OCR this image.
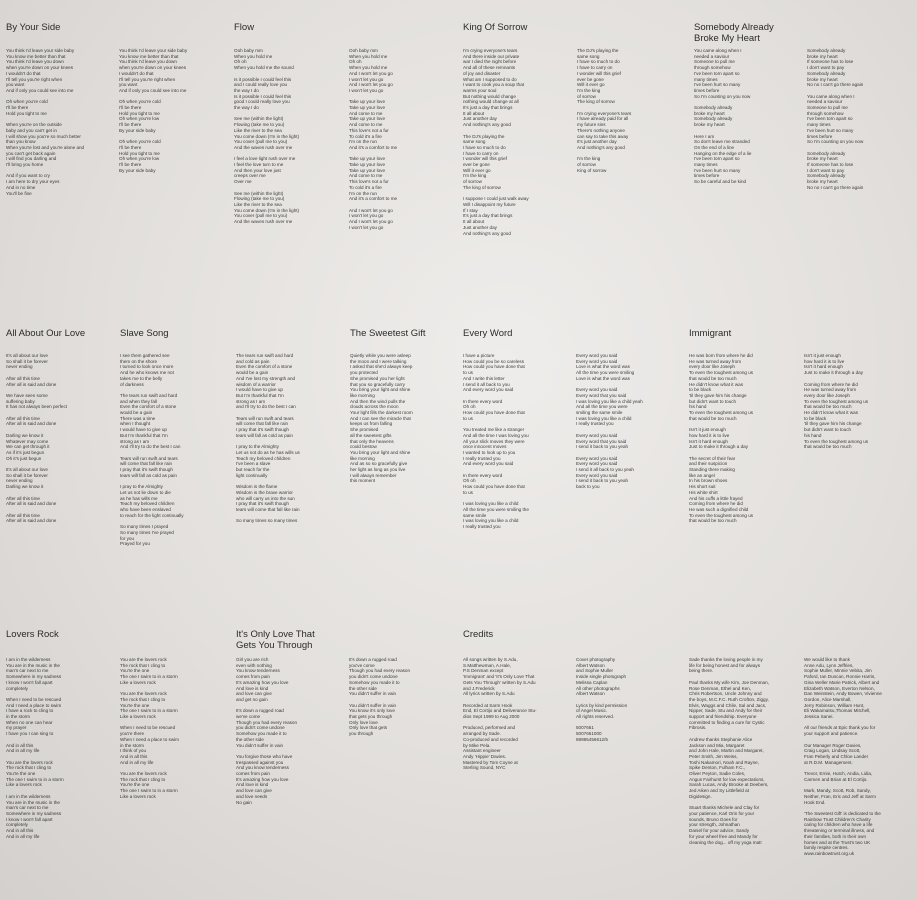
By Your Side	Flow	King Of Sorrow	Somebody Already
Broke My Heart
You think I'd leave your side baby
You know me better than that
You think I'd leave you down
when you're down on your knees
I wouldn't do that
I'll tell you you're right when
you want
And if only you could see into me

Oh when you're cold
I'll be there
Hold you tight to me

When you're on the outside
baby and you can't get in
I will show you you're so much better
than you know
When you're lost and you're alone and
you can't get back again
I will find you darling and
I'll bring you home

And if you want to cry
I am here to dry your eyes
And in no time
You'll be fine
You think I'd leave your side baby
You know me better than that
You think I'd leave you down
when you're down on your knees
I wouldn't do that
I'll tell you you're right when
you want
And if only you could see into me

Oh when you're cold
I'll be there
Hold you tight to me
Oh when you're low
I'll be there
By your side baby

Oh when you're cold
I'll be there
Hold you tight to me
Oh when you're low
I'll be there
By your side baby
Ooh baby mm
When you hold me
Oh oh
When you hold me the sound

Is it possible I could feel this
and I could really love you
the way I do
Is it possible I could feel this
good I could really love you
the way I do

See me (within the light)
Flowing (take me to you)
Like the river to the sea
You come down (I'm in the light)
You cover (pull me to you)
And the waves rush over me

I feel a love light rush over me
I feel the love turn to me
And then your love just
creeps over me
Over me

See me (within the light)
Flowing (take me to you)
Like the river to the sea
You come down (I'm in the light)
You cover (pull me to you)
And the waves rush over me
Ooh baby mm
When you hold me
Oh oh
When you hold me
And I won't let you go
I won't let you go
And I won't let you go
I won't let you go

Take up your love
Take up your love
And come to me
Take up your love
And come to me
This love's not a fur
To cold it's a fire
I'm on the run
And it's a comfort to me

Take up your love
Take up your love
Take up your love
And come to me
This love's not a fur
To cold it's a fire
I'm on the run
And it's a comfort to me

And I won't let you go
I won't let you go
And I won't let you go
I won't let you go
I'm crying everyone's tears
And there inside our private
war I died the night before
And all of these remnants
of joy and disaster
What am I supposed to do
I want to cook you a soup that
warms your soul
But nothing would change
nothing would change at all
It's just a day that brings
It all about
Just another day
And nothing's any good

The DJ's playing the
same song
I have so much to do
I have to carry on
I wonder will this grief
ever be gone
Will it ever go
I'm the king
of sorrow
The king of sorrow

I suppose I could just walk away
Will I disappoint my future
If I stay
It's just a day that brings
It all about
Just another day
And nothing's any good
The DJ's playing the
same song
I have so much to do
I have to carry on
I wonder will this grief
ever be gone
Will it ever go
I'm the king
of sorrow
The king of sorrow

I'm crying everyone's tears
I have already paid for all
my future sins
There's nothing anyone
can say to take this away
It's just another day
And nothing's any good

I'm the king
of sorrow
King of sorrow
You came along when I
needed a saviour
Someone to pull me
through somehow
I've been torn apart so
many times
I've been hurt so many
times before
So I'm counting on you now

Somebody already
broke my heart
Somebody already
broke my heart

Here I am
So don't leave me stranded
On the end of a line
Hanging on the edge of a lie
I've been torn apart so
many times
I've been hurt so many
times before
So be careful and be kind
Somebody already
broke my heart
If someone has to lose
I don't want to pay
Somebody already
broke my heart
No no I can't go there again

You came along when I
needed a saviour
Someone to pull me
through somehow
I've been torn apart so
many times
I've been hurt so many
times before
So I'm counting on you now

Somebody already
broke my heart
If someone has to lose
I don't want to pay
Somebody already
broke my heart
No no I can't go there again
All About Our Love	Slave Song	The Sweetest Gift	Every Word	Immigrant
It's all about our love
So shall it be forever
never ending

After all this time
After all is said and done

We have seen some
suffering baby
It has not always been perfect

After all this time
After all is said and done

Darling we know it
Whatever may come
We can get through it
As if it's just begun
Oh it's just begun

It's all about our love
So shall it be forever
never ending
Darling we know it

After all this time
After all is said and done

After all this time
After all is said and done
I see them gathered see
them on the shore
I turned to look once more
And he who knows me not
takes me to the belly
of darkness

The tears run swift and hard
and when they fall
Even the comfort of a stone
would be a gain
There was a time
when I thought
I would have to give up
But I'm thankful that I'm
strong as I am
And I'll try to do the best I can

Tears will run swift and tears
will come that fall like rain
I pray that it's swift though
tears will fall as cold as pain

I pray to the Almighty
Let us not lie down to die
as he has wills me
Teach my beloved children
who have been enslaved
to reach for the light continually

So many times I prayed
So many times I've prayed
for you
Prayed for you
The tears run swift and hard
and cold as pain
Even the comfort of a stone
would be a gain
And I've lost my strength and
wisdom of a warrior
I would have to give up
But I'm thankful that I'm
strong as I am
and I'll try to do the best I can

Tears will run swift and tears
will come that fall like rain
I pray that it's swift though
tears will fall as cold as pain

I pray to the Almighty
Let us not do as he has wills us
Teach my beloved children
I've been a slave
but reach for the
light continually

Wisdom is the flame
Wisdom is the brave warrior
who will carry us into the sun
I pray that it's swift though
tears will come that fall like rain

So many times so many times
Quietly while you were asleep
the moon and I were talking
I asked that she'd always keep
you protected
She promised you her light
that you so gracefully carry
You bring your light and shine
like morning
And then the wind pulls the
clouds across the moon
Your light fills the darkest room
And I can see the miracle that
keeps us from falling
She promised
all the sweetest gifts
that only the heavens
could bestow
You bring your light and shine
like morning
And as so so gracefully give
her light as long as you live
I will always remember
this moment
I have a picture
How could you be so careless
How could you have done that
to us
And I write this letter
I send it all back to you
And every word you said

In there every word
Oh oh
How could you have done that
to us

You treated me like a stranger
And all the time I was loving you
All your slick moves they were
once innocent moves
I wanted to look up to you
I really trusted you
And every word you said

In there every word
Oh oh
How could you have done that
to us

I was loving you like a child
All the time you were smiling the
same smile
I was loving you like a child
I really trusted you
Every word you said
Every word you said
Love is what the word was
All the time you were smiling
Love is what the word was

Every word you said
Every word that you said
I was loving you like a child yeah
And all the time you were
smiling the same smile
I was loving you like a child
I really trusted you

Every word you said
Every word that you said
I send it back to you yeah

Every word you said
Every word you said
I send it all back to you yeah
Every word you said
I send it back to you yeah
back to you
He was born from where he did
He was turned away from
every door like Joseph
To even the toughest among us
that would be too much
He didn't know what it was
to be black
'til they gave him his change
but didn't want to touch
his hand
To even the toughest among us
that would be too much

Isn't it just enough
how hard it is to live
Isn't it hard enough
Just to make it through a day

The secret of their fear
and their suspicion
Standing there making
like an angel
In his brown shoes
His short suit
His white shirt
And his cuffs a little frayed
Coming from where he did
He was such a dignified child
To even the toughest among us
that would be too much
Isn't it just enough
how hard it is to live
Isn't it hard enough
Just to make it through a day

Coming from where he did
He was turned away from
every door like Joseph
To even the toughest among us
that would be too much
He didn't know what it was
to be black
'til they gave him his change
but didn't want to touch
his hand
To even the toughest among us
that would be too much
Lovers Rock	It's Only Love That
Gets You Through
Credits
I am in the wilderness
You are in the music in the
man's car next to me
Somewhere in my sadness
I know I won't fall apart
completely

When I need to be rescued
And I need a place to swim
I have a rock to cling to
in the storm
When no one can hear
my prayer
I have you I can sing to

And in all this
And in all my life

You are the lovers rock
The rock that I cling to
You're the one
The one I swim to in a storm
Like a lovers rock

I am in the wilderness
You are in the music in the
man's car next to me
Somewhere in my sadness
I know I won't fall apart
completely
And in all this
And in all my life
You are the lovers rock
The rock that I cling to
You're the one
The one I swim to in a storm
Like a lovers rock

You are the lovers rock
The rock that I cling to
You're the one
The one I swim to in a storm
Like a lovers rock

When I need to be rescued
you're there
When I need a place to swim
in the storm
I think of you
And in all this
And in all my life

You are the lovers rock
The rock that I cling to
You're the one
The one I swim to in a storm
Like a lovers rock
Girl you are rich
even with nothing
You know tenderness
comes from pain
It's amazing how you love
And love is kind
and love can give
and get no gain

It's down a rugged road
we've come
Though you had every reason
you didn't come undone
Somehow you made it to
the other side
You didn't suffer in vain

You forgive those who have
trespassed against you
And you know tenderness
comes from pain
It's amazing how you love
And love is kind
and love can give
and love needs
No gain
It's down a rugged road
you've come
Though you had every reason
you didn't come undone
Somehow you made it to
the other side
You didn't suffer in vain

You didn't suffer in vain
You know it's only love
that gets you through
Only love love
Only love that gets
you through
All songs written by S.Adu,
S.Matthewman, A.Hale,
P.S Denman except
'Immigrant' and 'It's Only Love That
Gets You Through' written by S.Adu
and J.Frederick
All lyrics written by S.Adu

Recorded at Sarm Hook
End, El Cortijo and Deliverance Stu-
dios Sept 1999 to Aug 2000

Produced, performed and
arranged by Sade.
Co-produced and recorded
by Mike Pela.
Assistant engineer
Andy 'Hippie' Davies.
Mastered by Tom Coyne at
Sterling Sound, NYC
Cover photography
Albert Watson
and Sophie Muller
Inside single photograph
Melissa Caplan
All other photographs
Albert Watson

Lyrics by kind permission
of Angel Music.
All rights reserved.

5007661
5007661000
88985456612/5
Sade thanks the loving people in my
life for being honest and for always
being there.

Paul thanks My wife Kim, Joe Denman,
Rose Denman, Ethel and Ken,
Chris Robertson, Uncle Johnny and
the boys, M.C.F.C. Ruth Crofton, Ziggy,
Elvis, Waggs and Chile, Sal and Jacs,
Nipper, Sade, Stu and Andy for their
support and friendship. Everyone
committed to finding a cure for Cystic
Fibrosis.

Andrew thanks Stephanie Alice
Jackson and Mia, Margaret
and John Hale, Martin and Margaret,
Peter Smith, Jim Weiss,
Toshi Nakamori, Noah and Rayne,
Spike Denton, Fulham F.C.,
Oliver Peyton, Sadie Coles,
Angus Fairhurst for low expectations,
Sarah Lucas, Andy Brooke at Deebers,
Jed Aiken and Sy Littlefield at
Digidesign.

Stuart thanks Michele and Clay for
your patience, Karl Orin for your
sounds, Bruno Goes for
your strength, Johnathan
Daniel for your advice, Sandy
for your wheel free and Mandy for
cleaning the dog... off my yoga mat!
We would like to thank
Anne Adu, Lynn Jeffries,
Sophie Muller, Minnie Vebita, Jim
Paford, Ian Duncan, Ronnie Harris,
Gina Weller Marie Patrick, Albert and
Elizabeth Watson, Everton Nelson,
Dan Weinstein, Andy Bowen, Vivienne
Gordon, Alice Marshall,
Jerry Robinson, William Hunt,
Eli Wakamatsu,Thomas Mitchell,
Jessica Sanei.

All our friends at Epic thank you for
your support and patience.

Our Manager Roger Davies,
Craig Logan, Lindsay Scott,
Fran Peberly and Chloe Lander
at R.D.M. Management.

Trevor, Ernie, Hutch, Andia, Lidia,
Carmen and Brian at El Cortijo.

Mark, Mandy, Scott, Rob, Sandy,
Neither, Fran, Eric and Jeff at Sarm
Hook End.

'The Sweetest Gift' is dedicated to the
Rainbow Trust Children's Charity
caring for children who have a life
threatening or terminal illness, and
their families, both in their own
homes and at the Trust's two UK
family respite centres.
www.rainbowtrust.org.uk
